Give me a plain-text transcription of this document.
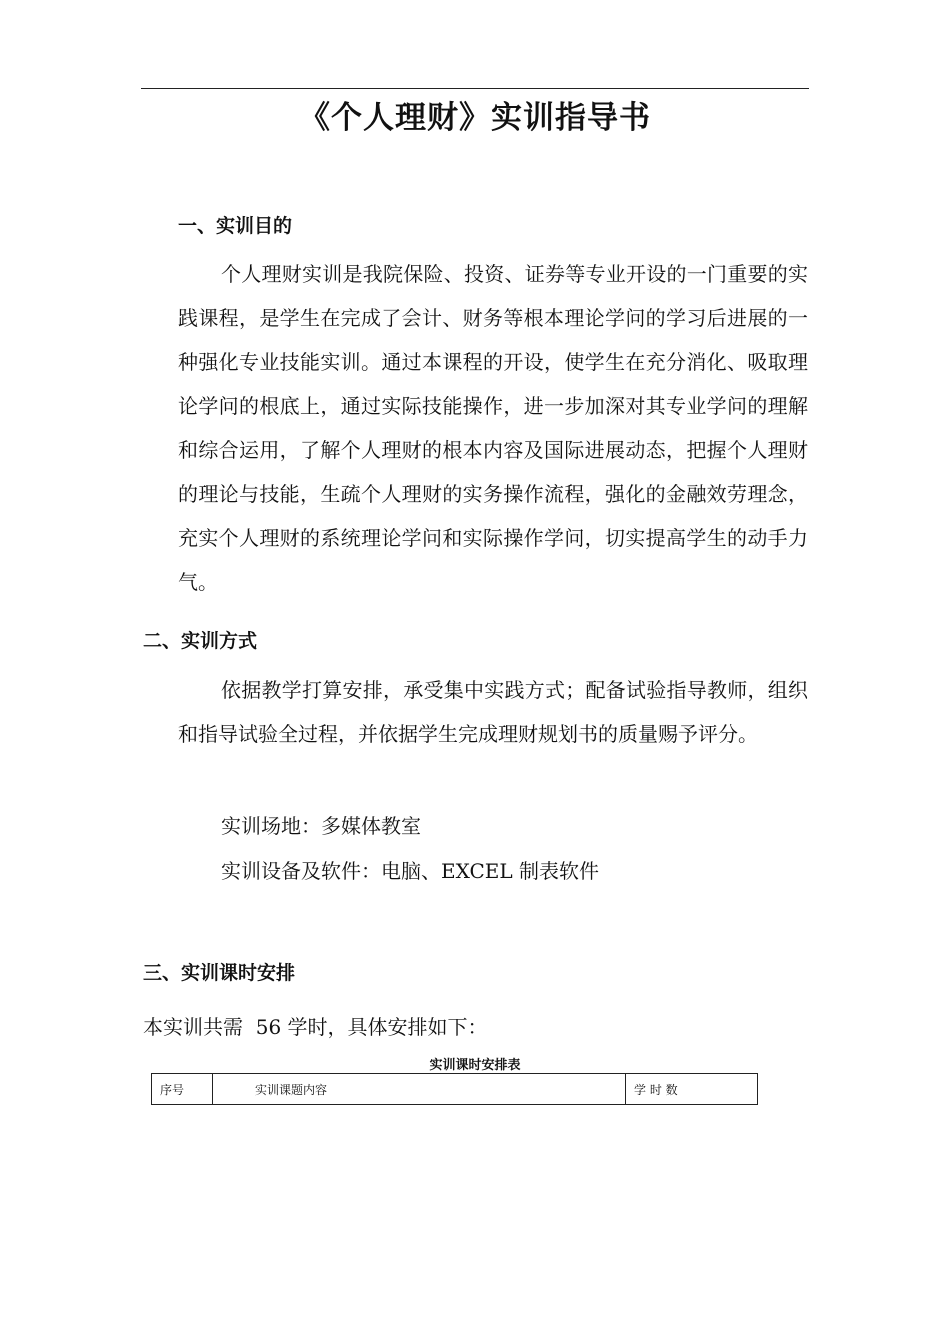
《个人理财》实训指导书
一、实训目的

个人理财实训是我院保险、投资、证券等专业开设的一门重要的实践课程，是学生在完成了会计、财务等根本理论学问的学习后进展的一种强化专业技能实训。通过本课程的开设，使学生在充分消化、吸取理论学问的根底上，通过实际技能操作，进一步加深对其专业学问的理解和综合运用，了解个人理财的根本内容及国际进展动态，把握个人理财的理论与技能，生疏个人理财的实务操作流程，强化的金融效劳理念，充实个人理财的系统理论学问和实际操作学问，切实提高学生的动手力气。

二、实训方式

依据教学打算安排，承受集中实践方式；配备试验指导教师，组织和指导试验全过程，并依据学生完成理财规划书的质量赐予评分。

实训场地：多媒体教室
实训设备及软件：电脑、EXCEL 制表软件
三、实训课时安排
本实训共需  56 学时，具体安排如下：
实训课时安排表
序号	实训课题内容	学 时 数
